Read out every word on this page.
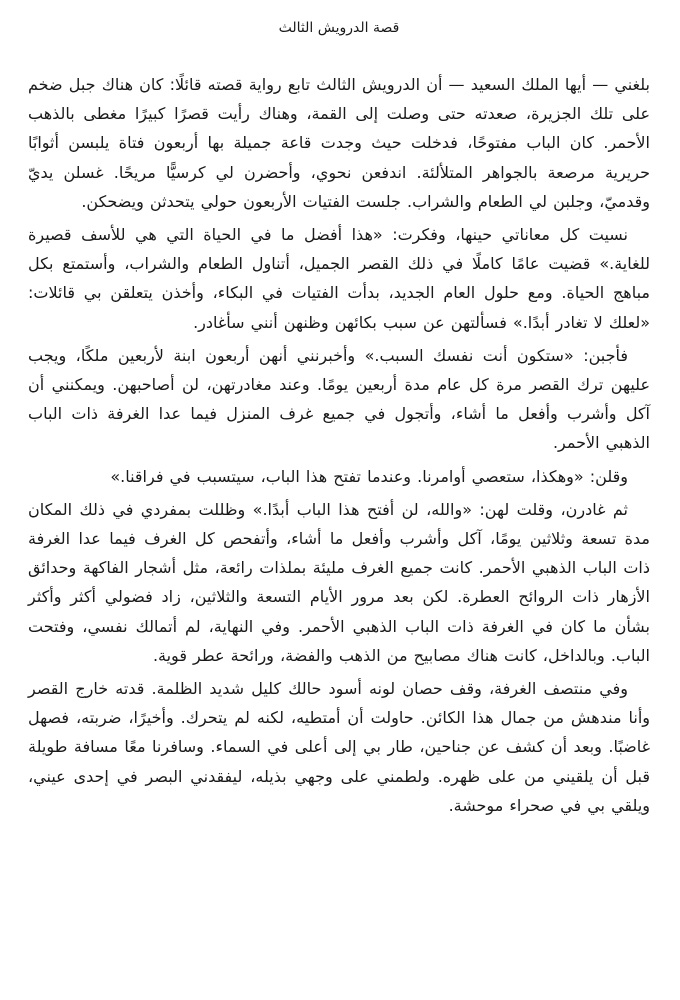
قصة الدرويش الثالث

بلغني — أيها الملك السعيد — أن الدرويش الثالث تابع رواية قصته قائلًا: كان هناك جبل ضخم على تلك الجزيرة، صعدته حتى وصلت إلى القمة، وهناك رأيت قصرًا كبيرًا مغطى بالذهب الأحمر. كان الباب مفتوحًا، فدخلت حيث وجدت قاعة جميلة بها أربعون فتاة يلبسن أثوابًا حريرية مرصعة بالجواهر المتلألئة. اندفعن نحوي، وأحضرن لي كرسيًّا مريحًا. غسلن يديّ وقدميّ، وجلبن لي الطعام والشراب. جلست الفتيات الأربعون حولي يتحدثن ويضحكن.

نسيت كل معاناتي حينها، وفكرت: «هذا أفضل ما في الحياة التي هي للأسف قصيرة للغاية.» قضيت عامًا كاملًا في ذلك القصر الجميل، أتناول الطعام والشراب، وأستمتع بكل مباهج الحياة. ومع حلول العام الجديد، بدأت الفتيات في البكاء، وأخذن يتعلقن بي قائلات: «لعلك لا تغادر أبدًا.» فسألتهن عن سبب بكائهن وظنهن أنني سأغادر.

فأجبن: «ستكون أنت نفسك السبب.» وأخبرنني أنهن أربعون ابنة لأربعين ملكًا، ويجب عليهن ترك القصر مرة كل عام مدة أربعين يومًا. وعند مغادرتهن، لن أصاحبهن. ويمكنني أن آكل وأشرب وأفعل ما أشاء، وأتجول في جميع غرف المنزل فيما عدا الغرفة ذات الباب الذهبي الأحمر.

وقلن: «وهكذا، ستعصي أوامرنا. وعندما تفتح هذا الباب، سيتسبب في فراقنا.»

ثم غادرن، وقلت لهن: «والله، لن أفتح هذا الباب أبدًا.» وظللت بمفردي في ذلك المكان مدة تسعة وثلاثين يومًا، آكل وأشرب وأفعل ما أشاء، وأتفحص كل الغرف فيما عدا الغرفة ذات الباب الذهبي الأحمر. كانت جميع الغرف مليئة بملذات رائعة، مثل أشجار الفاكهة وحدائق الأزهار ذات الروائح العطرة. لكن بعد مرور الأيام التسعة والثلاثين، زاد فضولي أكثر وأكثر بشأن ما كان في الغرفة ذات الباب الذهبي الأحمر. وفي النهاية، لم أتمالك نفسي، وفتحت الباب. وبالداخل، كانت هناك مصابيح من الذهب والفضة، ورائحة عطر قوية.

وفي منتصف الغرفة، وقف حصان لونه أسود حالك كليل شديد الظلمة. قدته خارج القصر وأنا مندهش من جمال هذا الكائن. حاولت أن أمتطيه، لكنه لم يتحرك. وأخيرًا، ضربته، فصهل غاضبًا. وبعد أن كشف عن جناحين، طار بي إلى أعلى في السماء. وسافرنا معًا مسافة طويلة قبل أن يلقيني من على ظهره. ولطمني على وجهي بذيله، ليفقدني البصر في إحدى عيني، ويلقي بي في صحراء موحشة.
